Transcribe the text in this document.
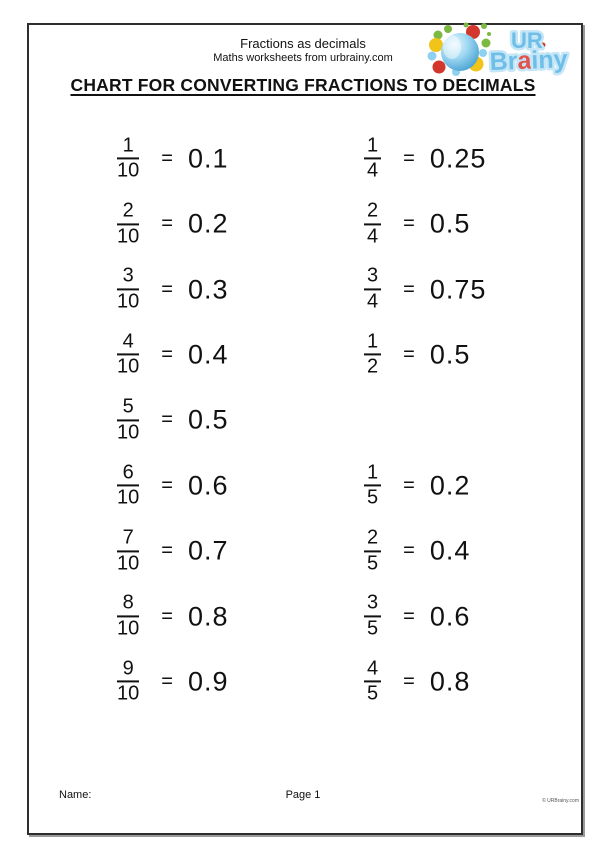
Fractions as decimals
Maths worksheets from urbrainy.com
UR
Brainy
CHART FOR CONVERTING FRACTIONS TO DECIMALS
$\frac{1}{10} = 0.1$	$\frac{1}{4} = 0.25$
$\frac{2}{10} = 0.2$	$\frac{2}{4} = 0.5$
$\frac{3}{10} = 0.3$	$\frac{3}{4} = 0.75$
$\frac{4}{10} = 0.4$	$\frac{1}{2} = 0.5$
$\frac{5}{10} = 0.5$
$\frac{6}{10} = 0.6$	$\frac{1}{5} = 0.2$
$\frac{7}{10} = 0.7$	$\frac{2}{5} = 0.4$
$\frac{8}{10} = 0.8$	$\frac{3}{5} = 0.6$
$\frac{9}{10} = 0.9$	$\frac{4}{5} = 0.8$
Name:	Page 1	© URBrainy.com
